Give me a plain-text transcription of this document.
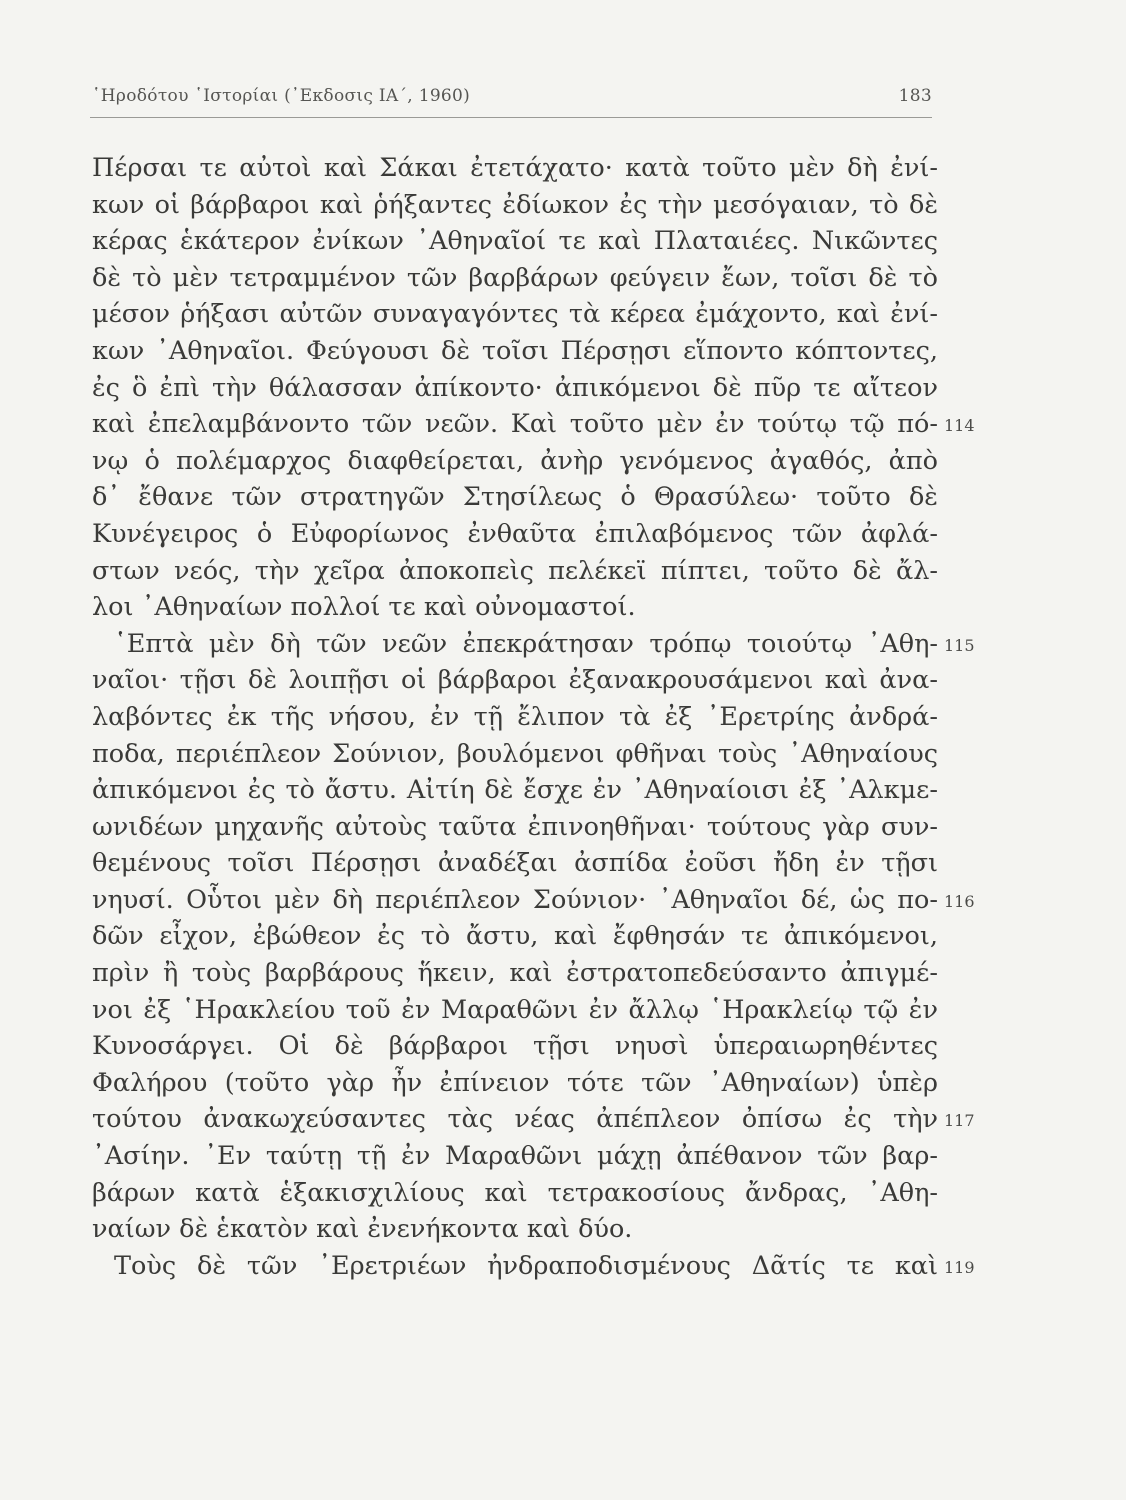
῾Ηροδότου ῾Ιστορίαι (᾽Εκδοσις ΙΑ΄, 1960)	183
Πέρσαι τε αὐτοὶ καὶ Σάκαι ἐτετάχατο· κατὰ τοῦτο μὲν δὴ ἐνί-
κων οἱ βάρβαροι καὶ ῥήξαντες ἐδίωκον ἐς τὴν μεσόγαιαν, τὸ δὲ
κέρας ἑκάτερον ἐνίκων ᾽Αθηναῖοί τε καὶ Πλαταιέες. Νικῶντες
δὲ τὸ μὲν τετραμμένον τῶν βαρβάρων φεύγειν ἔων, τοῖσι δὲ τὸ
μέσον ῥήξασι αὐτῶν συναγαγόντες τὰ κέρεα ἐμάχοντο, καὶ ἐνί-
κων ᾽Αθηναῖοι. Φεύγουσι δὲ τοῖσι Πέρσῃσι εἵποντο κόπτοντες,
ἐς ὃ ἐπὶ τὴν θάλασσαν ἀπίκοντο· ἀπικόμενοι δὲ πῦρ τε αἴτεον
καὶ ἐπελαμβάνοντο τῶν νεῶν. Καὶ τοῦτο μὲν ἐν τούτῳ τῷ πό- 114
νῳ ὁ πολέμαρχος διαφθείρεται, ἀνὴρ γενόμενος ἀγαθός, ἀπὸ
δ᾽ ἔθανε τῶν στρατηγῶν Στησίλεως ὁ Θρασύλεω· τοῦτο δὲ
Κυνέγειρος ὁ Εὐφορίωνος ἐνθαῦτα ἐπιλαβόμενος τῶν ἀφλά-
στων νεός, τὴν χεῖρα ἀποκοπεὶς πελέκεϊ πίπτει, τοῦτο δὲ ἄλ-
λοι ᾽Αθηναίων πολλοί τε καὶ οὐνομαστοί.
῾Επτὰ μὲν δὴ τῶν νεῶν ἐπεκράτησαν τρόπῳ τοιούτῳ ᾽Αθη- 115
ναῖοι· τῇσι δὲ λοιπῇσι οἱ βάρβαροι ἐξανακρουσάμενοι καὶ ἀνα-
λαβόντες ἐκ τῆς νήσου, ἐν τῇ ἔλιπον τὰ ἐξ ᾽Ερετρίης ἀνδρά-
ποδα, περιέπλεον Σούνιον, βουλόμενοι φθῆναι τοὺς ᾽Αθηναίους
ἀπικόμενοι ἐς τὸ ἄστυ. Αἰτίη δὲ ἔσχε ἐν ᾽Αθηναίοισι ἐξ ᾽Αλκμε-
ωνιδέων μηχανῆς αὐτοὺς ταῦτα ἐπινοηθῆναι· τούτους γὰρ συν-
θεμένους τοῖσι Πέρσῃσι ἀναδέξαι ἀσπίδα ἐοῦσι ἤδη ἐν τῇσι
νηυσί. Οὗτοι μὲν δὴ περιέπλεον Σούνιον· ᾽Αθηναῖοι δέ, ὡς πο- 116
δῶν εἶχον, ἐβώθεον ἐς τὸ ἄστυ, καὶ ἔφθησάν τε ἀπικόμενοι,
πρὶν ἢ τοὺς βαρβάρους ἥκειν, καὶ ἐστρατοπεδεύσαντο ἀπιγμέ-
νοι ἐξ ῾Ηρακλείου τοῦ ἐν Μαραθῶνι ἐν ἄλλῳ ῾Ηρακλείῳ τῷ ἐν
Κυνοσάργει. Οἱ δὲ βάρβαροι τῇσι νηυσὶ ὑπεραιωρηθέντες
Φαλήρου (τοῦτο γὰρ ἦν ἐπίνειον τότε τῶν ᾽Αθηναίων) ὑπὲρ
τούτου ἀνακωχεύσαντες τὰς νέας ἀπέπλεον ὀπίσω ἐς τὴν 117
᾽Ασίην. ᾽Εν ταύτῃ τῇ ἐν Μαραθῶνι μάχῃ ἀπέθανον τῶν βαρ-
βάρων κατὰ ἑξακισχιλίους καὶ τετρακοσίους ἄνδρας, ᾽Αθη-
ναίων δὲ ἑκατὸν καὶ ἐνενήκοντα καὶ δύο.
Τοὺς δὲ τῶν ᾽Ερετριέων ἠνδραποδισμένους Δᾶτίς τε καὶ 119
